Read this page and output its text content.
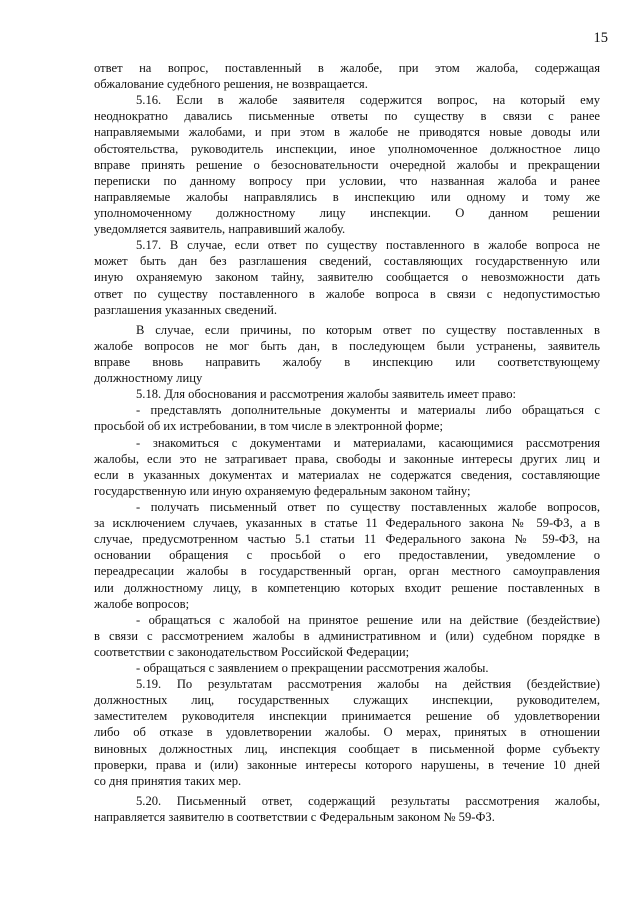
15
ответ на вопрос, поставленный в жалобе, при этом жалоба, содержащая
обжалование судебного решения, не возвращается.
5.16. Если в жалобе заявителя содержится вопрос, на который ему
неоднократно давались письменные ответы по существу в связи с ранее
направляемыми жалобами, и при этом в жалобе не приводятся новые доводы или
обстоятельства, руководитель инспекции, иное уполномоченное должностное лицо
вправе принять решение о безосновательности очередной жалобы и прекращении
переписки по данному вопросу при условии, что названная жалоба и ранее
направляемые жалобы направлялись в инспекцию или одному и тому же
уполномоченному должностному лицу инспекции. О данном решении
уведомляется заявитель, направивший жалобу.
5.17. В случае, если ответ по существу поставленного в жалобе вопроса не
может быть дан без разглашения сведений, составляющих государственную или
иную охраняемую законом тайну, заявителю сообщается о невозможности дать
ответ по существу поставленного в жалобе вопроса в связи с недопустимостью
разглашения указанных сведений.
В случае, если причины, по которым ответ по существу поставленных в
жалобе вопросов не мог быть дан, в последующем были устранены, заявитель
вправе вновь направить жалобу в инспекцию или соответствующему
должностному лицу
5.18. Для обоснования и рассмотрения жалобы заявитель имеет право:
- представлять дополнительные документы и материалы либо обращаться с
просьбой об их истребовании, в том числе в электронной форме;
- знакомиться с документами и материалами, касающимися рассмотрения
жалобы, если это не затрагивает права, свободы и законные интересы других лиц и
если в указанных документах и материалах не содержатся сведения, составляющие
государственную или иную охраняемую федеральным законом тайну;
- получать письменный ответ по существу поставленных жалобе вопросов,
за исключением случаев, указанных в статье 11 Федерального закона № 59-ФЗ, а в
случае, предусмотренном частью 5.1 статьи 11 Федерального закона № 59-ФЗ, на
основании обращения с просьбой о его предоставлении, уведомление о
переадресации жалобы в государственный орган, орган местного самоуправления
или должностному лицу, в компетенцию которых входит решение поставленных в
жалобе вопросов;
- обращаться с жалобой на принятое решение или на действие (бездействие)
в связи с рассмотрением жалобы в административном и (или) судебном порядке в
соответствии с законодательством Российской Федерации;
- обращаться с заявлением о прекращении рассмотрения жалобы.
5.19. По результатам рассмотрения жалобы на действия (бездействие)
должностных лиц, государственных служащих инспекции, руководителем,
заместителем руководителя инспекции принимается решение об удовлетворении
либо об отказе в удовлетворении жалобы. О мерах, принятых в отношении
виновных должностных лиц, инспекция сообщает в письменной форме субъекту
проверки, права и (или) законные интересы которого нарушены, в течение 10 дней
со дня принятия таких мер.
5.20. Письменный ответ, содержащий результаты рассмотрения жалобы,
направляется заявителю в соответствии с Федеральным законом № 59-ФЗ.
